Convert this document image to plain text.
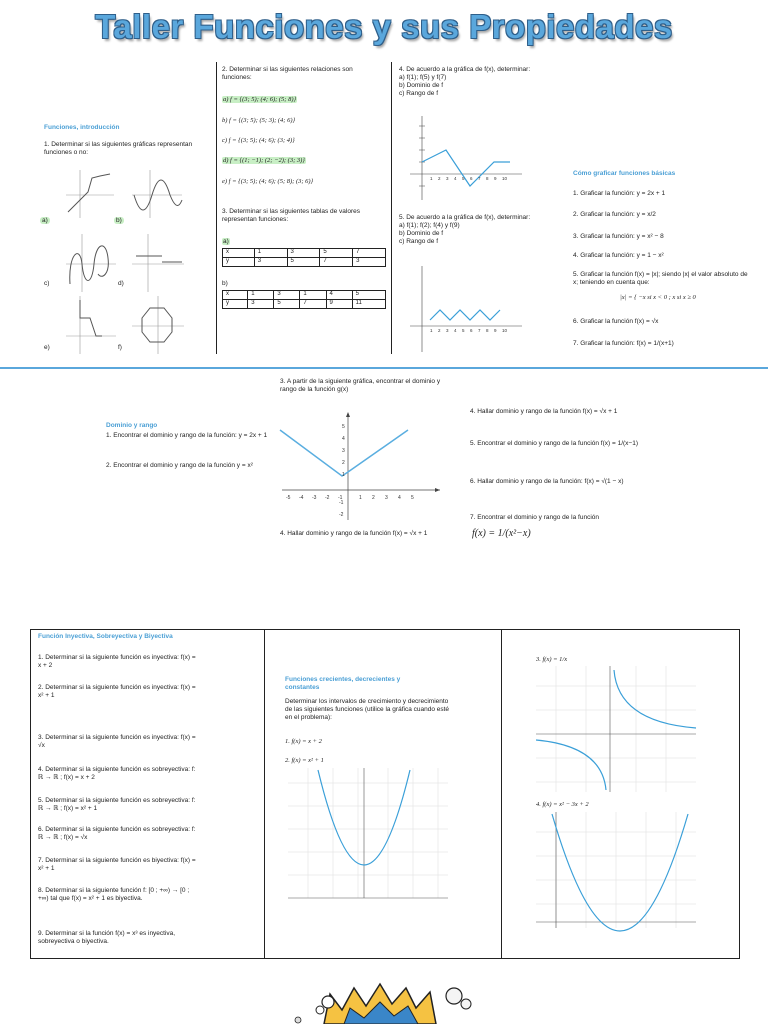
Taller Funciones y sus Propiedades
Funciones, introducción
1. Determinar si las siguientes gráficas representan funciones o no:
a)	b)
c)	d)
e)	f)
2. Determinar si las siguientes relaciones son funciones:
a) f = {(3; 5); (4; 6); (5; 8)}
b) f = {(3; 5); (5; 3); (4; 6)}
c) f = {(3; 5); (4; 6); (3; 4)}
d) f = {(1; −1); (2; −2); (3; 3)}
e) f = {(3; 5); (4; 6); (5; 8); (3; 6)}
3. Determinar si las siguientes tablas de valores representan funciones:
a)
x	1	3	5	7
y	3	5	7	3
b)
x	1	3	1	4	5
y	3	5	7	9	11
4. De acuerdo a la gráfica de f(x), determinar:
a) f(1); f(5) y f(7)
b) Dominio de f
c) Rango de f
1 2 3 4 5 6 7 8 9 10
5. De acuerdo a la gráfica de f(x), determinar:
a) f(1); f(2); f(4) y f(9)
b) Dominio de f
c) Rango de f
1 2 3 4 5 6 7 8 9 10
Cómo graficar funciones básicas
1. Graficar la función: y = 2x + 1
2. Graficar la función: y = x/2
3. Graficar la función: y = x² − 8
4. Graficar la función: y = 1 − x²
5. Graficar la función f(x) = |x|; siendo |x| el valor absoluto de x; teniendo en cuenta que:
|x| = { −x si x < 0 ; x si x ≥ 0
6. Graficar la función f(x) = √x
7. Graficar la función: f(x) = 1/(x+1)
Dominio y rango
1. Encontrar el dominio y rango de la función: y = 2x + 1
2. Encontrar el dominio y rango de la función y = x²
3. A partir de la siguiente gráfica, encontrar el dominio y rango de la función g(x)
-5 -4 -3 -2 -1	1 2 3 4 5
5
4
3
2
1
-1
-2
4. Hallar dominio y rango de la función f(x) = √x + 1
4. Hallar dominio y rango de la función f(x) = √x + 1
5. Encontrar el dominio y rango de la función f(x) = 1/(x−1)
6. Hallar dominio y rango de la función: f(x) = √(1 − x)
7. Encontrar el dominio y rango de la función
f(x) = 1/(x²−x)
Función Inyectiva, Sobreyectiva y Biyectiva
1. Determinar si la siguiente función es inyectiva: f(x) = x + 2
2. Determinar si la siguiente función es inyectiva: f(x) = x² + 1
3. Determinar si la siguiente función es inyectiva: f(x) = √x
4. Determinar si la siguiente función es sobreyectiva: f: ℝ → ℝ ; f(x) = x + 2
5. Determinar si la siguiente función es sobreyectiva: f: ℝ → ℝ ; f(x) = x² + 1
6. Determinar si la siguiente función es sobreyectiva: f: ℝ → ℝ ; f(x) = √x
7. Determinar si la siguiente función es biyectiva: f(x) = x² + 1
8. Determinar si la siguiente función f: [0 ; +∞) → [0 ; +∞) tal que f(x) = x² + 1 es biyectiva.
9. Determinar si la función f(x) = x³ es inyectiva, sobreyectiva o biyectiva.
Funciones crecientes, decrecientes y constantes
Determinar los intervalos de crecimiento y decrecimiento de las siguientes funciones (utilice la gráfica cuando esté en el problema):
1. f(x) = x + 2
2. f(x) = x² + 1
3. f(x) = 1/x
4. f(x) = x² − 3x + 2
